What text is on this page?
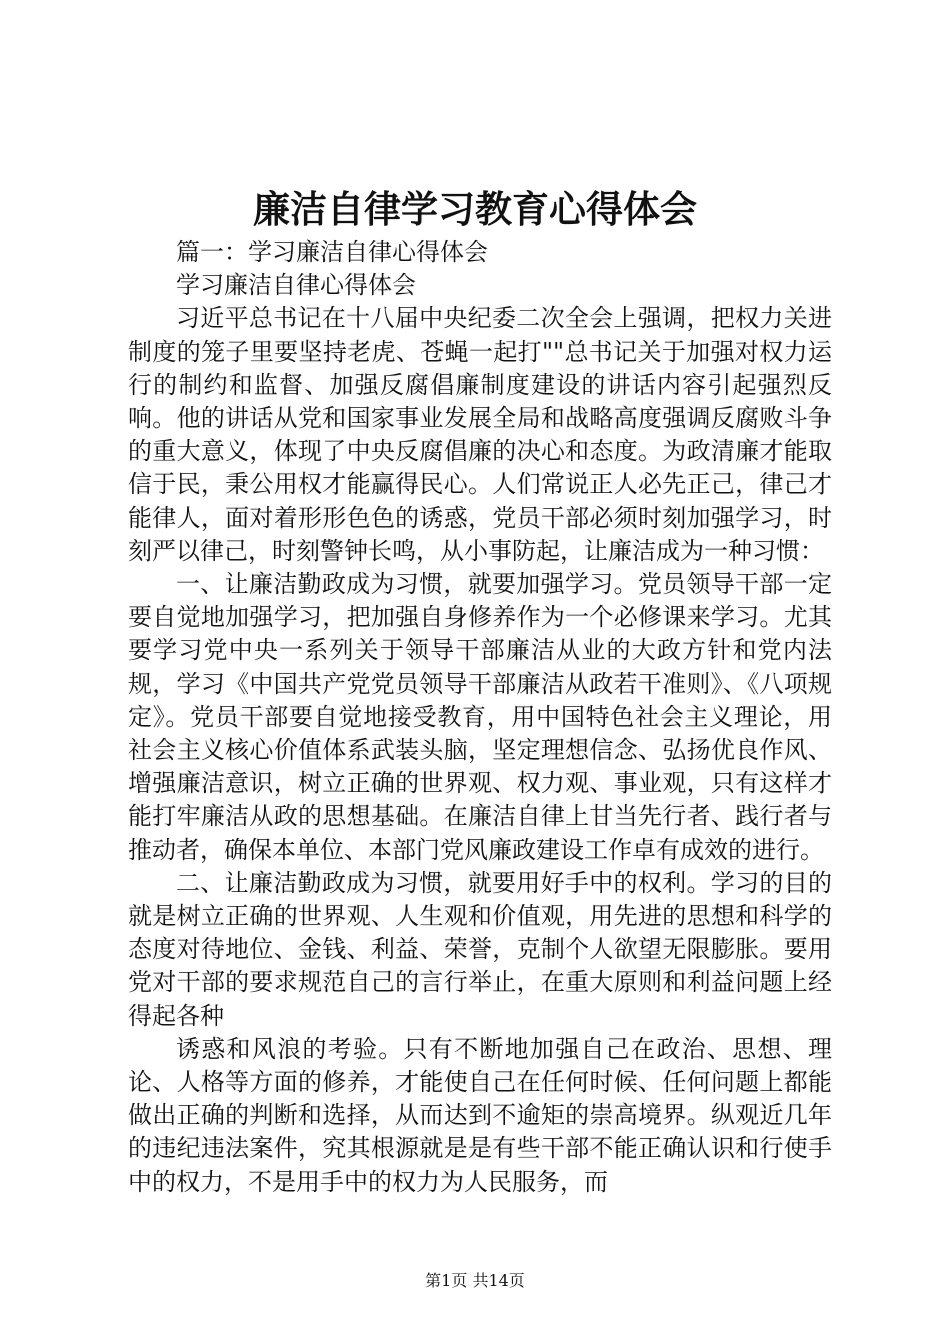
廉洁自律学习教育心得体会

篇一：学习廉洁自律心得体会

学习廉洁自律心得体会

习近平总书记在十八届中央纪委二次全会上强调，把权力关进制度的笼子里要坚持老虎、苍蝇一起打""总书记关于加强对权力运行的制约和监督、加强反腐倡廉制度建设的讲话内容引起强烈反响。他的讲话从党和国家事业发展全局和战略高度强调反腐败斗争的重大意义，体现了中央反腐倡廉的决心和态度。为政清廉才能取信于民，秉公用权才能赢得民心。人们常说正人必先正己，律己才能律人，面对着形形色色的诱惑，党员干部必须时刻加强学习，时刻严以律己，时刻警钟长鸣，从小事防起，让廉洁成为一种习惯：

一、让廉洁勤政成为习惯，就要加强学习。党员领导干部一定要自觉地加强学习，把加强自身修养作为一个必修课来学习。尤其要学习党中央一系列关于领导干部廉洁从业的大政方针和党内法规，学习《中国共产党党员领导干部廉洁从政若干准则》、《八项规定》。党员干部要自觉地接受教育，用中国特色社会主义理论，用社会主义核心价值体系武装头脑，坚定理想信念、弘扬优良作风、增强廉洁意识，树立正确的世界观、权力观、事业观，只有这样才能打牢廉洁从政的思想基础。在廉洁自律上甘当先行者、践行者与推动者，确保本单位、本部门党风廉政建设工作卓有成效的进行。

二、让廉洁勤政成为习惯，就要用好手中的权利。学习的目的就是树立正确的世界观、人生观和价值观，用先进的思想和科学的态度对待地位、金钱、利益、荣誉，克制个人欲望无限膨胀。要用党对干部的要求规范自己的言行举止，在重大原则和利益问题上经得起各种

诱惑和风浪的考验。只有不断地加强自己在政治、思想、理论、人格等方面的修养，才能使自己在任何时候、任何问题上都能做出正确的判断和选择，从而达到不逾矩的崇高境界。纵观近几年的违纪违法案件，究其根源就是是有些干部不能正确认识和行使手中的权力，不是用手中的权力为人民服务，而

第1页 共14页
